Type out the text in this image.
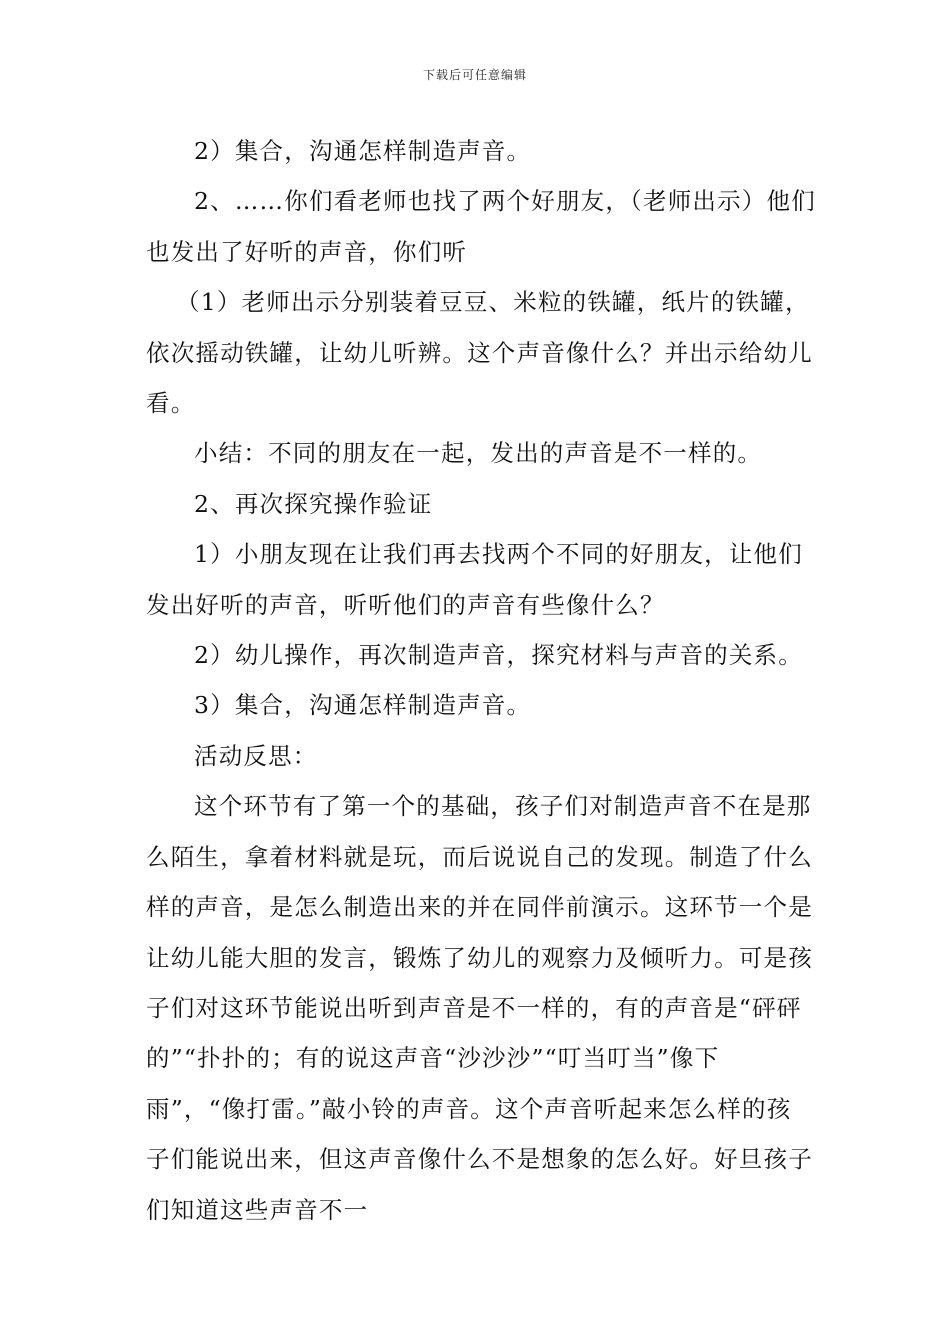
下载后可任意编辑

2）集合，沟通怎样制造声音。

2、……你们看老师也找了两个好朋友，（老师出示）他们也发出了好听的声音，你们听

（1）老师出示分别装着豆豆、米粒的铁罐，纸片的铁罐，依次摇动铁罐，让幼儿听辨。这个声音像什么？并出示给幼儿看。

小结：不同的朋友在一起，发出的声音是不一样的。

2、再次探究操作验证

1）小朋友现在让我们再去找两个不同的好朋友，让他们发出好听的声音，听听他们的声音有些像什么？

2）幼儿操作，再次制造声音，探究材料与声音的关系。

3）集合，沟通怎样制造声音。

活动反思：

这个环节有了第一个的基础，孩子们对制造声音不在是那么陌生，拿着材料就是玩，而后说说自己的发现。制造了什么样的声音，是怎么制造出来的并在同伴前演示。这环节一个是让幼儿能大胆的发言，锻炼了幼儿的观察力及倾听力。可是孩子们对这环节能说出听到声音是不一样的，有的声音是“砰砰的”“扑扑的；有的说这声音“沙沙沙”“叮当叮当”像下雨”，“像打雷。”敲小铃的声音。这个声音听起来怎么样的孩子们能说出来，但这声音像什么不是想象的怎么好。好旦孩子们知道这些声音不一
